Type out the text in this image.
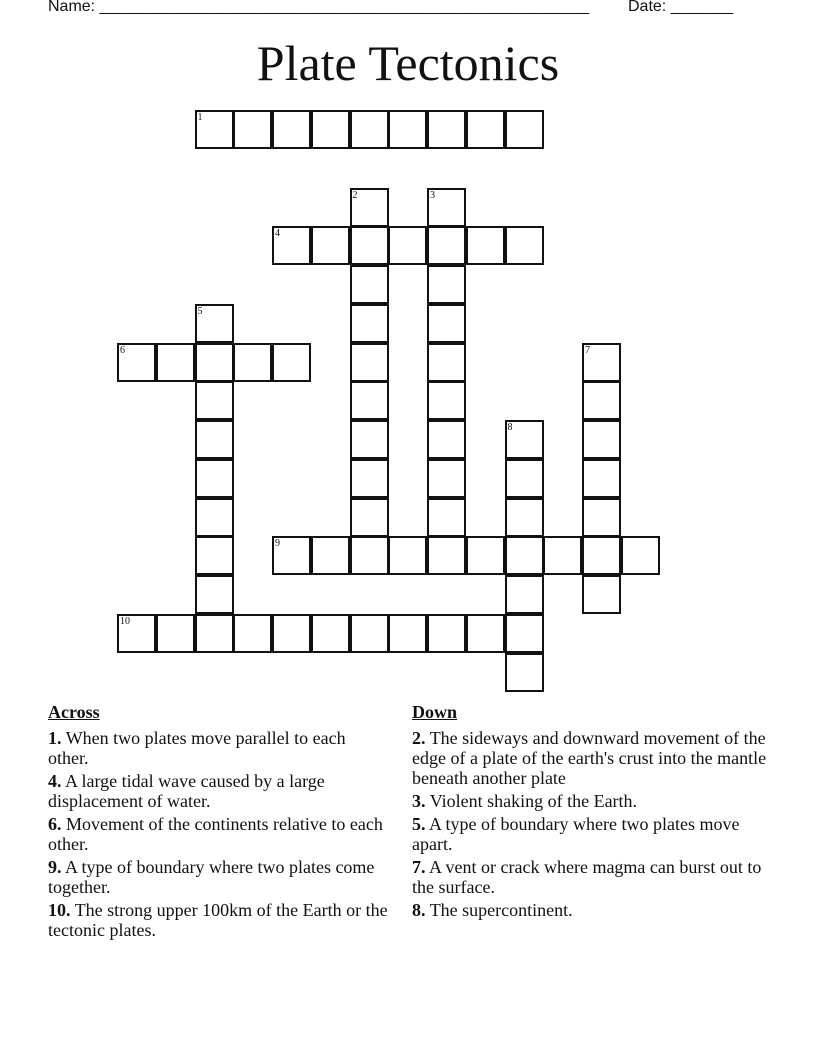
Name: _______________________________________________________ Date: _______
Plate Tectonics
1
2	3
4
5
6	7
8
9
10
Across
1. When two plates move parallel to each other.
4. A large tidal wave caused by a large displacement of water.
6. Movement of the continents relative to each other.
9. A type of boundary where two plates come together.
10. The strong upper 100km of the Earth or the tectonic plates.
Down
2. The sideways and downward movement of the edge of a plate of the earth's crust into the mantle beneath another plate
3. Violent shaking of the Earth.
5. A type of boundary where two plates move apart.
7. A vent or crack where magma can burst out to the surface.
8. The supercontinent.
